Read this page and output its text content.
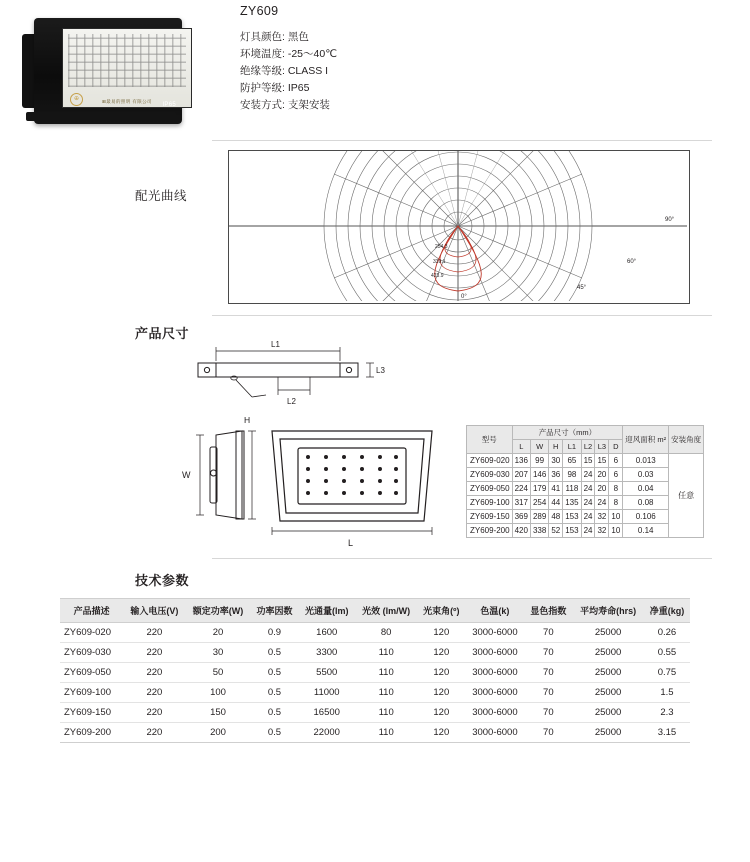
⊞最易的照明 有限公司
⊕
IP65
ZY609
灯具颜色: 黑色
环境温度: -25～40℃
绝缘等级: CLASS I
防护等级: IP65
安装方式: 支架安装
配光曲线
90°
60°
45°
0°
254.3
339.1
423.9
产品尺寸
L1
L2
L3
H
W
L
型号	产品尺寸（mm）							迎风面积 m²	安装角度
	L	W	H	L1	L2	L3	D		
ZY609-020	136	99	30	65	15	15	6	0.013	任意
ZY609-030	207	146	36	98	24	20	6	0.03	
ZY609-050	224	179	41	118	24	20	8	0.04	
ZY609-100	317	254	44	135	24	24	8	0.08	
ZY609-150	369	289	48	153	24	32	10	0.106	
ZY609-200	420	338	52	153	24	32	10	0.14	
技术参数
产品描述	输入电压(V)	额定功率(W)	功率因数	光通量(lm)	光效 (lm/W)	光束角(º)	色温(k)	显色指数	平均寿命(hrs)	净重(kg)
ZY609-020	220	20	0.9	1600	80	120	3000-6000	70	25000	0.26
ZY609-030	220	30	0.5	3300	110	120	3000-6000	70	25000	0.55
ZY609-050	220	50	0.5	5500	110	120	3000-6000	70	25000	0.75
ZY609-100	220	100	0.5	11000	110	120	3000-6000	70	25000	1.5
ZY609-150	220	150	0.5	16500	110	120	3000-6000	70	25000	2.3
ZY609-200	220	200	0.5	22000	110	120	3000-6000	70	25000	3.15
